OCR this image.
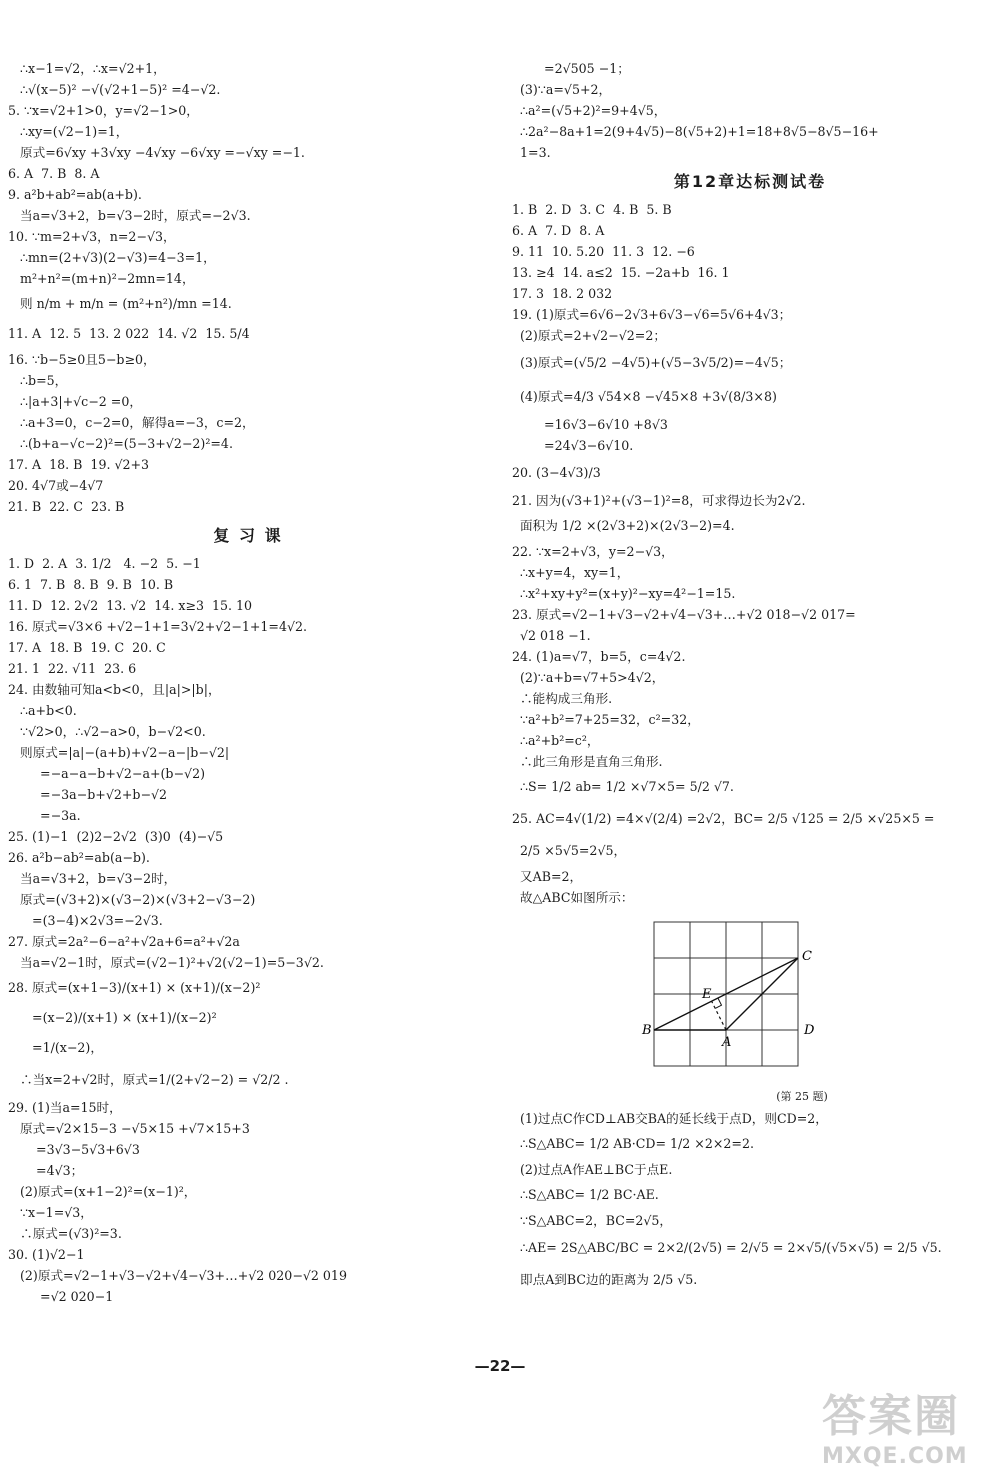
∴x−1=√2，∴x=√2+1，
∴√(x−5)² −√(√2+1−5)² =4−√2.
5. ∵x=√2+1>0，y=√2−1>0，
∴xy=(√2−1)=1，
原式=6√xy +3√xy −4√xy −6√xy =−√xy =−1.
6. A  7. B  8. A
9. a²b+ab²=ab(a+b).
当a=√3+2，b=√3−2时，原式=−2√3.
10. ∵m=2+√3，n=2−√3，
∴mn=(2+√3)(2−√3)=4−3=1，
m²+n²=(m+n)²−2mn=14，
则 n/m + m/n = (m²+n²)/mn =14.
11. A  12. 5  13. 2 022  14. √2  15. 5/4
16. ∵b−5≥0且5−b≥0，
∴b=5，
∴|a+3|+√c−2 =0，
∴a+3=0，c−2=0，解得a=−3，c=2，
∴(b+a−√c−2)²=(5−3+√2−2)²=4.
17. A  18. B  19. √2+3
20. 4√7或−4√7
21. B  22. C  23. B
复 习 课
1. D  2. A  3. 1/2   4. −2  5. −1
6. 1  7. B  8. B  9. B  10. B
11. D  12. 2√2  13. √2  14. x≥3  15. 10
16. 原式=√3×6 +√2−1+1=3√2+√2−1+1=4√2.
17. A  18. B  19. C  20. C
21. 1  22. √11  23. 6
24. 由数轴可知a<b<0，且|a|>|b|，
∴a+b<0.
∵√2>0，∴√2−a>0，b−√2<0.
则原式=|a|−(a+b)+√2−a−|b−√2|
=−a−a−b+√2−a+(b−√2)
=−3a−b+√2+b−√2
=−3a.
25. (1)−1  (2)2−2√2  (3)0  (4)−√5
26. a²b−ab²=ab(a−b).
当a=√3+2，b=√3−2时，
原式=(√3+2)×(√3−2)×(√3+2−√3−2)
=(3−4)×2√3=−2√3.
27. 原式=2a²−6−a²+√2a+6=a²+√2a
当a=√2−1时，原式=(√2−1)²+√2(√2−1)=5−3√2.
28. 原式=(x+1−3)/(x+1) × (x+1)/(x−2)²
=(x−2)/(x+1) × (x+1)/(x−2)²
=1/(x−2)，
∴当x=2+√2时，原式=1/(2+√2−2) = √2/2 .
29. (1)当a=15时，
原式=√2×15−3 −√5×15 +√7×15+3
=3√3−5√3+6√3
=4√3；
(2)原式=(x+1−2)²=(x−1)²，
∵x−1=√3，
∴原式=(√3)²=3.
30. (1)√2−1
(2)原式=√2−1+√3−√2+√4−√3+…+√2 020−√2 019
=√2 020−1
=2√505 −1；
(3)∵a=√5+2，
∴a²=(√5+2)²=9+4√5，
∴2a²−8a+1=2(9+4√5)−8(√5+2)+1=18+8√5−8√5−16+
1=3.
第12章达标测试卷
1. B  2. D  3. C  4. B  5. B
6. A  7. D  8. A
9. 11  10. 5.20  11. 3  12. −6
13. ≥4  14. a≤2  15. −2a+b  16. 1
17. 3  18. 2 032
19. (1)原式=6√6−2√3+6√3−√6=5√6+4√3；
(2)原式=2+√2−√2=2；
(3)原式=(√5/2 −4√5)+(√5−3√5/2)=−4√5；
(4)原式=4/3 √54×8 −√45×8 +3√(8/3×8)
=16√3−6√10 +8√3
=24√3−6√10.
20. (3−4√3)/3
21. 因为(√3+1)²+(√3−1)²=8，可求得边长为2√2.
面积为 1/2 ×(2√3+2)×(2√3−2)=4.
22. ∵x=2+√3，y=2−√3，
∴x+y=4，xy=1，
∴x²+xy+y²=(x+y)²−xy=4²−1=15.
23. 原式=√2−1+√3−√2+√4−√3+…+√2 018−√2 017=
√2 018 −1.
24. (1)a=√7，b=5，c=4√2.
(2)∵a+b=√7+5>4√2，
∴能构成三角形.
∵a²+b²=7+25=32，c²=32，
∴a²+b²=c²，
∴此三角形是直角三角形.
∴S= 1/2 ab= 1/2 ×√7×5= 5/2 √7.
25. AC=4√(1/2) =4×√(2/4) =2√2，BC= 2/5 √125 = 2/5 ×√25×5 =
2/5 ×5√5=2√5，
又AB=2，
故△ABC如图所示：
B
A
C
D
E
(第 25 题)
(1)过点C作CD⊥AB交BA的延长线于点D，则CD=2，
∴S△ABC= 1/2 AB·CD= 1/2 ×2×2=2.
(2)过点A作AE⊥BC于点E.
∴S△ABC= 1/2 BC·AE.
∵S△ABC=2，BC=2√5，
∴AE= 2S△ABC/BC = 2×2/(2√5) = 2/√5 = 2×√5/(√5×√5) = 2/5 √5.
即点A到BC边的距离为 2/5 √5.
—22—
答案圈
MXQE.COM
